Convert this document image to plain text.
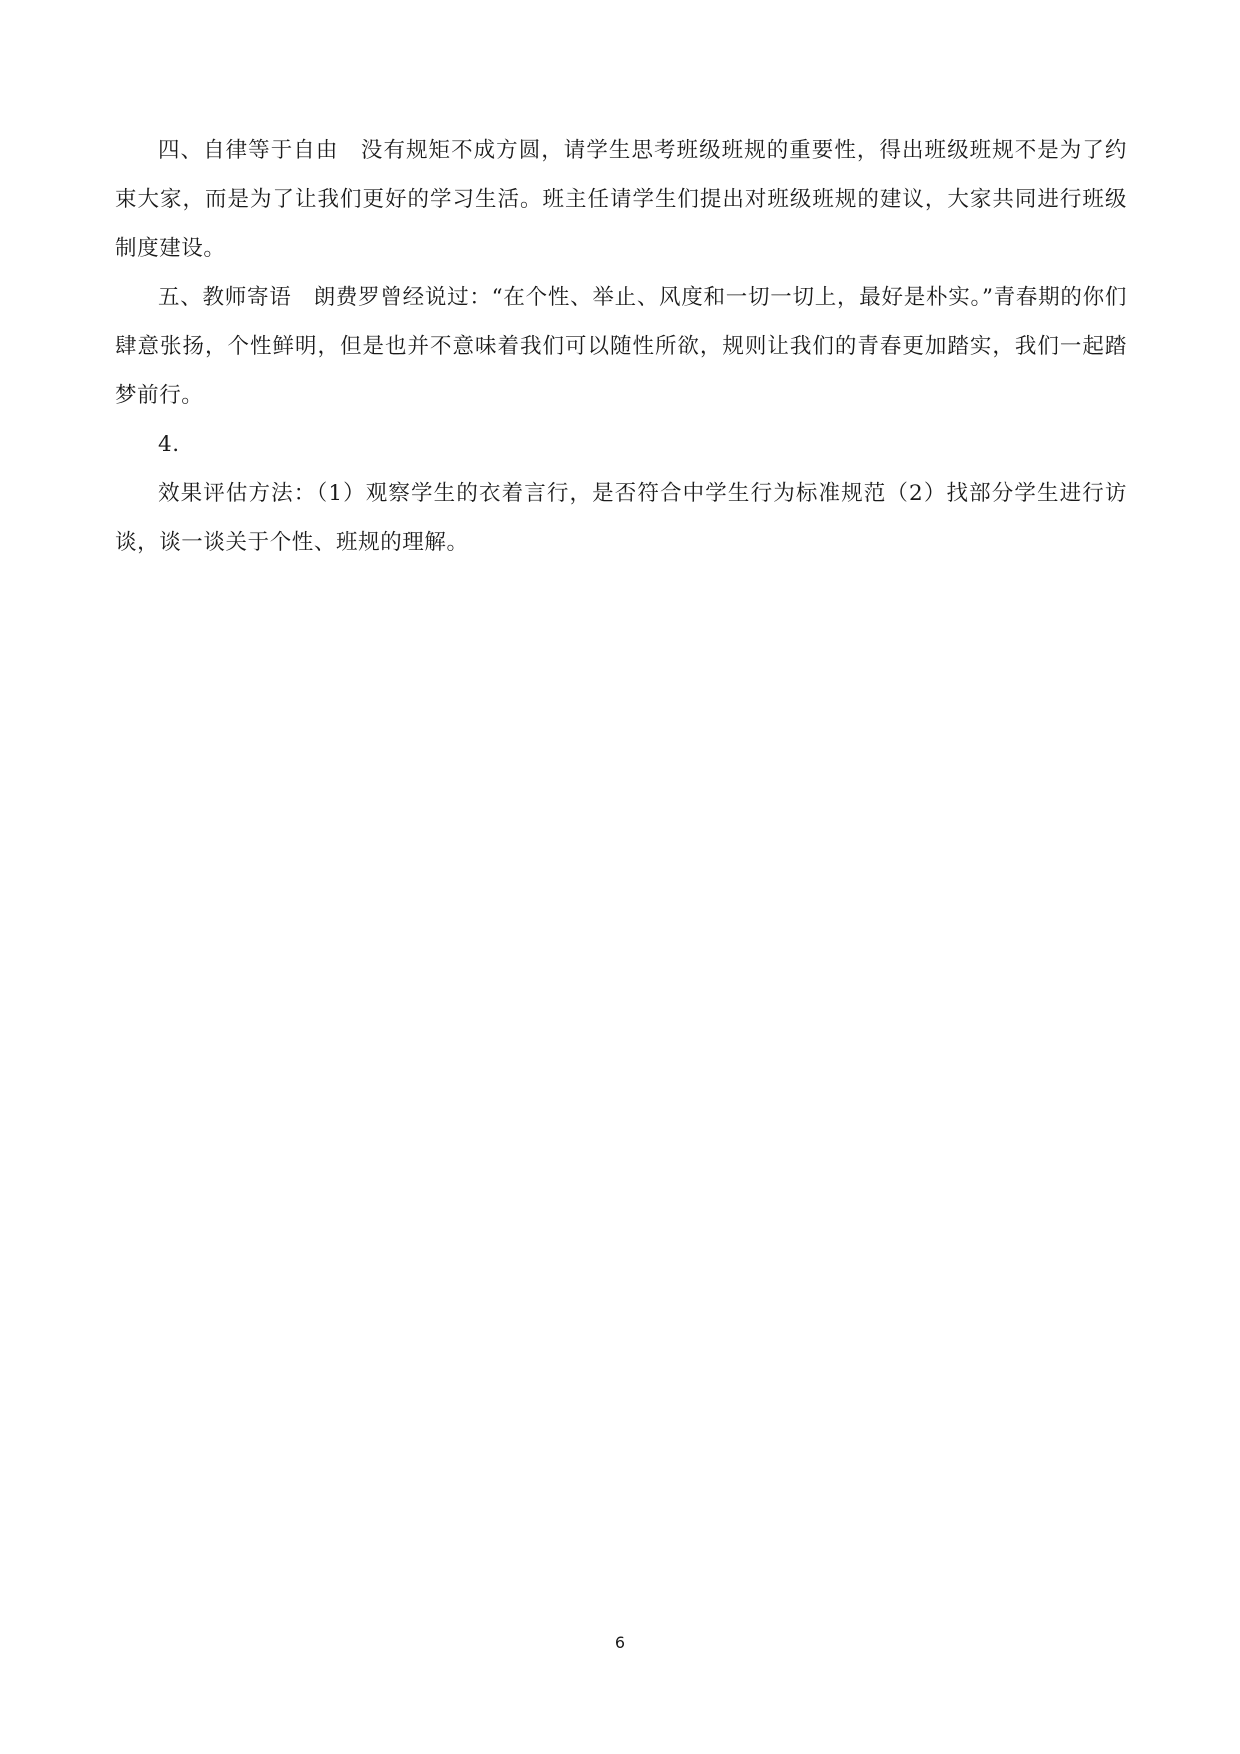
四、自律等于自由　没有规矩不成方圆，请学生思考班级班规的重要性，得出班级班规不是为了约束大家，而是为了让我们更好的学习生活。班主任请学生们提出对班级班规的建议，大家共同进行班级制度建设。

五、教师寄语　朗费罗曾经说过：“在个性、举止、风度和一切一切上，最好是朴实。”青春期的你们肆意张扬，个性鲜明，但是也并不意味着我们可以随性所欲，规则让我们的青春更加踏实，我们一起踏梦前行。

4.

效果评估方法：（1）观察学生的衣着言行，是否符合中学生行为标准规范（2）找部分学生进行访谈，谈一谈关于个性、班规的理解。

6
